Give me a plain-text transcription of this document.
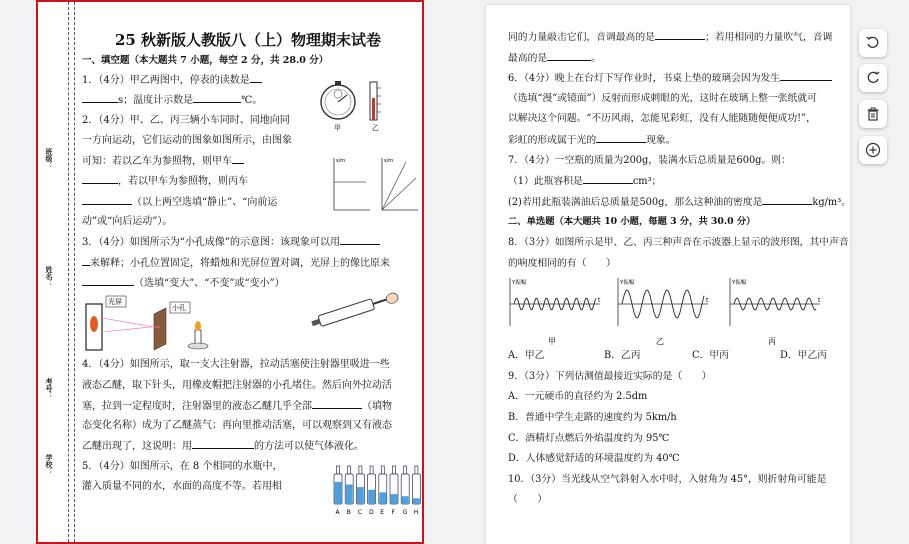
班级：
姓名：
考号：
学校：
25 秋新版人教版八（上）物理期末试卷
一、填空题（本大题共 7 小题，每空 2 分，共 28.0 分）
1．（4分）甲乙两图中，停表的读数是
s；温度计示数是	℃。
2．（4分）甲、乙、丙三辆小车同时、同地向同
一方向运动，它们运动的图象如图所示，由图象
可知：若以乙车为参照物，则甲车
，若以甲车为参照物，则丙车
（以上两空选填“静止”、“向前运
动”或“向后运动”）。
3．（4分）如图所示为“小孔成像”的示意图：该现象可以用
来解释；小孔位置固定，将蜡烛和光屏位置对调，光屏上的像比原来
（选填“变大”、“不变”或“变小”）
4．（4分）如图所示，取一支大注射器，拉动活塞使注射器里吸进一些
液态乙醚，取下针头，用橡皮帽把注射器的小孔堵住。然后向外拉动活
塞，拉到一定程度时，注射器里的液态乙醚几乎全部	（填物
态变化名称）成为了乙醚蒸气；再向里推动活塞，可以观察到又有液态
乙醚出现了，这说明：用	的方法可以使气体液化。
5．（4分）如图所示，在 8 个相同的水瓶中，
灌入质量不同的水，水面的高度不等。若用相
甲	乙
s/m	s/m
光屏
小孔
A B C D E F G H
同的力量敲击它们，音调最高的是	；若用相同的力量吹气，音调
最高的是	。
6．（4分）晚上在台灯下写作业时，书桌上垫的玻璃会因为发生
（选填“漫”或镜面”）反射而形成刺眼的光，这时在玻璃上整一张纸就可
以解决这个问题。“不历风雨，怎能见彩虹，没有人能随随便便成功!”，
彩虹的形成属于光的	现象。
7．（4分）一空瓶的质量为200g，装满水后总质量是600g。则：
（1）此瓶容积是	cm³；
(2)若用此瓶装满油后总质量是500g，那么这种油的密度是	kg/m³。
二、单选题（本大题共 10 小题，每题 3 分，共 30.0 分）
8．（3分）如图所示是甲、乙、丙三种声音在示波器上显示的波形图，其中声音
的响度相同的有（　　）
Y振幅
t
甲
Y振幅
t
乙
Y振幅
t
丙
A．甲乙	B．乙丙	C．甲丙	D．甲乙丙
9．（3分）下列估测值最接近实际的是（　　）
A．一元硬币的直径约为 2.5dm
B．普通中学生走路的速度约为 5km/h
C．酒精灯点燃后外焰温度约为 95℃
D．人体感觉舒适的环境温度约为 40℃
10．（3分）当光线从空气斜射入水中时，入射角为 45°，则折射角可能是
（　　）
